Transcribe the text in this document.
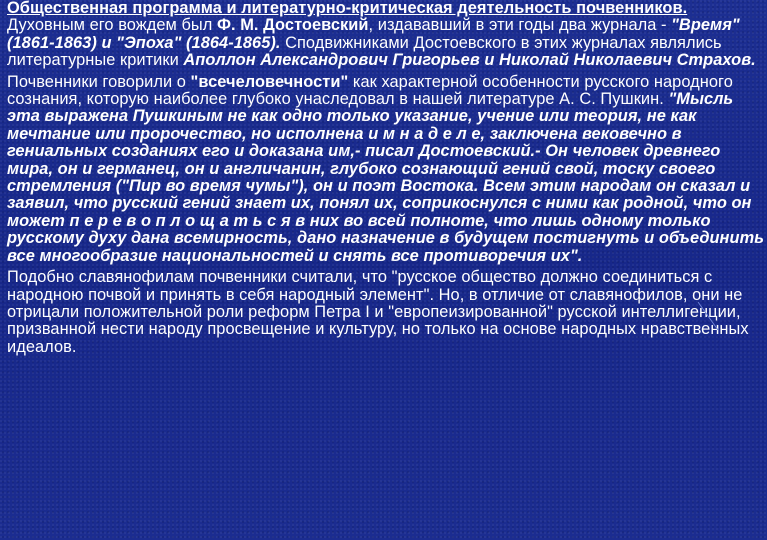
Общественная программа и литературно-критическая деятельность почвенников.

Духовным его вождем был Ф. М. Достоевский, издававший в эти годы два журнала - "Время" (1861-1863) и "Эпоха" (1864-1865). Сподвижниками Достоевского в этих журналах являлись литературные критики Аполлон Александрович Григорьев и Николай Николаевич Страхов.

Почвенники говорили о "всечеловечности" как характерной особенности русского народного сознания, которую наиболее глубоко унаследовал в нашей литературе А. С. Пушкин. "Мысль эта выражена Пушкиным не как одно только указание, учение или теория, не как мечтание или пророчество, но исполнена и м н а д е л е, заключена вековечно в гениальных созданиях его и доказана им,- писал Достоевский.- Он человек древнего мира, он и германец, он и англичанин, глубоко сознающий гений свой, тоску своего стремления ("Пир во время чумы"), он и поэт Востока. Всем этим народам он сказал и заявил, что русский гений знает их, понял их, соприкоснулся с ними как родной, что он может п е р е в о п л о щ а т ь с я в них во всей полноте, что лишь одному только русскому духу дана всемирность, дано назначение в будущем постигнуть и объединить все многообразие национальностей и снять все противоречия их".

Подобно славянофилам почвенники считали, что "русское общество должно соединиться с народною почвой и принять в себя народный элемент". Но, в отличие от славянофилов, они не отрицали положительной роли реформ Петра I и "европеизированной" русской интеллигенции, призванной нести народу просвещение и культуру, но только на основе народных нравственных идеалов.
